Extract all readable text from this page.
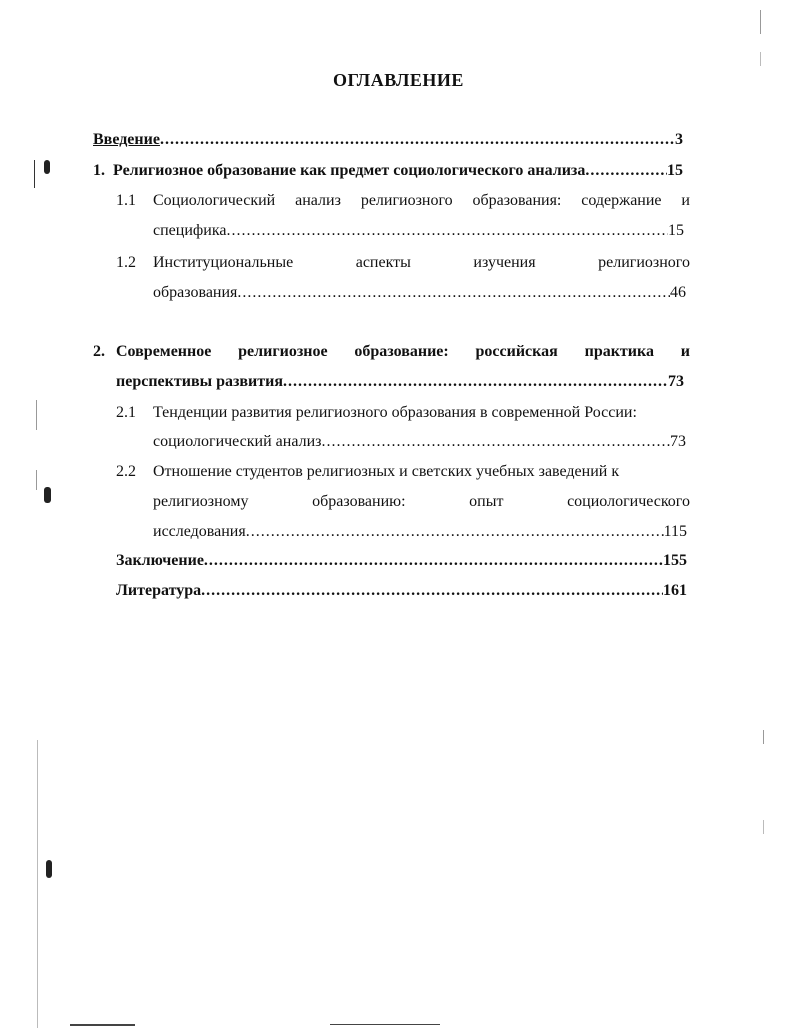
ОГЛАВЛЕНИЕ
Введение .....	3
1. Религиозное образование как предмет социологического анализа .....	15
1.1 Социологический анализ религиозного образования: содержание и
специфика .....	15
1.2 Институциональные	аспекты	изучения	религиозного
образования .....	46
2. Современное религиозное образование: российская практика и
перспективы развития .....	73
2.1 Тенденции развития религиозного образования в современной России:
социологический анализ .....	73
2.2 Отношение студентов религиозных и светских учебных заведений к
религиозному	образованию:	опыт	социологического
исследования .....	115
Заключение .....	155
Литература .....	161
